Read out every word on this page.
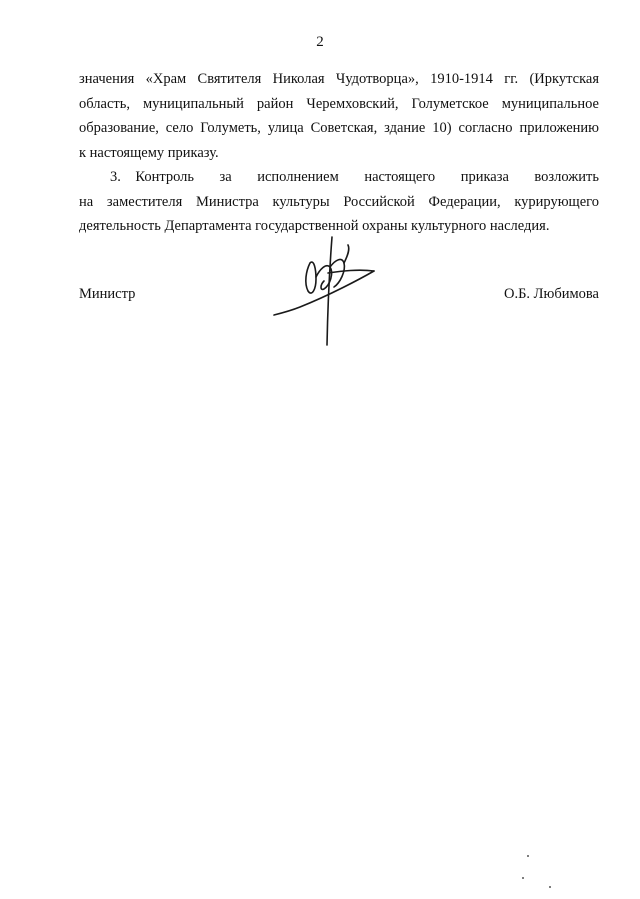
2

значения «Храм Святителя Николая Чудотворца», 1910-1914 гг. (Иркутская
область, муниципальный район Черемховский, Голуметское муниципальное
образование, село Голуметь, улица Советская, здание 10) согласно приложению
к настоящему приказу.

3. Контроль за исполнением настоящего приказа возложить
на заместителя Министра культуры Российской Федерации, курирующего
деятельность Департамента государственной охраны культурного наследия.

Министр	О.Б. Любимова
